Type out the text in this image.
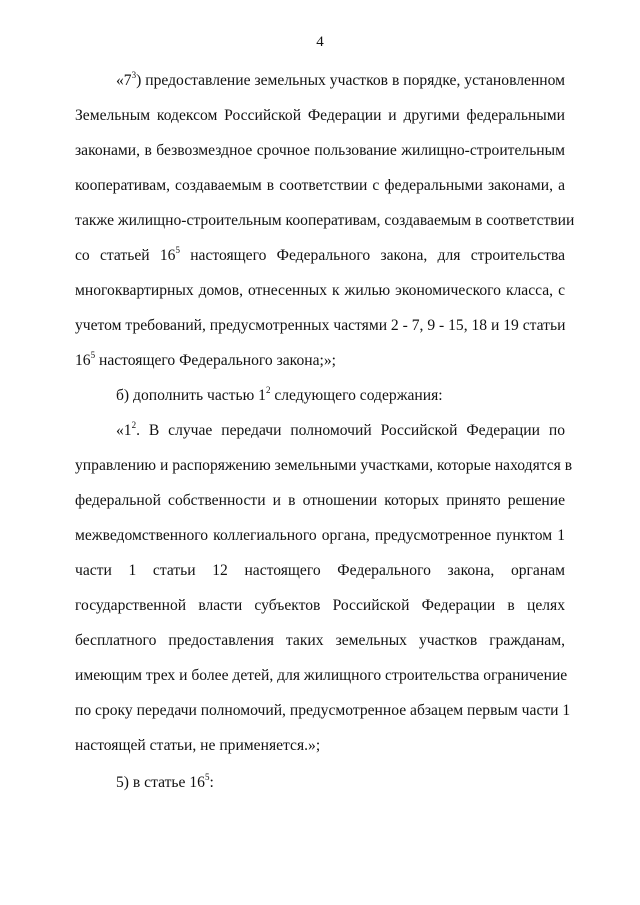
4
«$7^3$) предоставление земельных участков в порядке, установленном
Земельным кодексом Российской Федерации и другими федеральными
законами, в безвозмездное срочное пользование жилищно-строительным
кооперативам, создаваемым в соответствии с федеральными законами, а
также жилищно-строительным кооперативам, создаваемым в соответствии
со статьей $16^5$ настоящего Федерального закона, для строительства
многоквартирных домов, отнесенных к жилью экономического класса, с
учетом требований, предусмотренных частями 2 - 7, 9 - 15, 18 и 19 статьи
$16^5$ настоящего Федерального закона;»;
б) дополнить частью $1^2$ следующего содержания:
«$1^2$. В случае передачи полномочий Российской Федерации по
управлению и распоряжению земельными участками, которые находятся в
федеральной собственности и в отношении которых принято решение
межведомственного коллегиального органа, предусмотренное пунктом 1
части 1 статьи 12 настоящего Федерального закона, органам
государственной власти субъектов Российской Федерации в целях
бесплатного предоставления таких земельных участков гражданам,
имеющим трех и более детей, для жилищного строительства ограничение
по сроку передачи полномочий, предусмотренное абзацем первым части 1
настоящей статьи, не применяется.»;
5) в статье $16^5$:
